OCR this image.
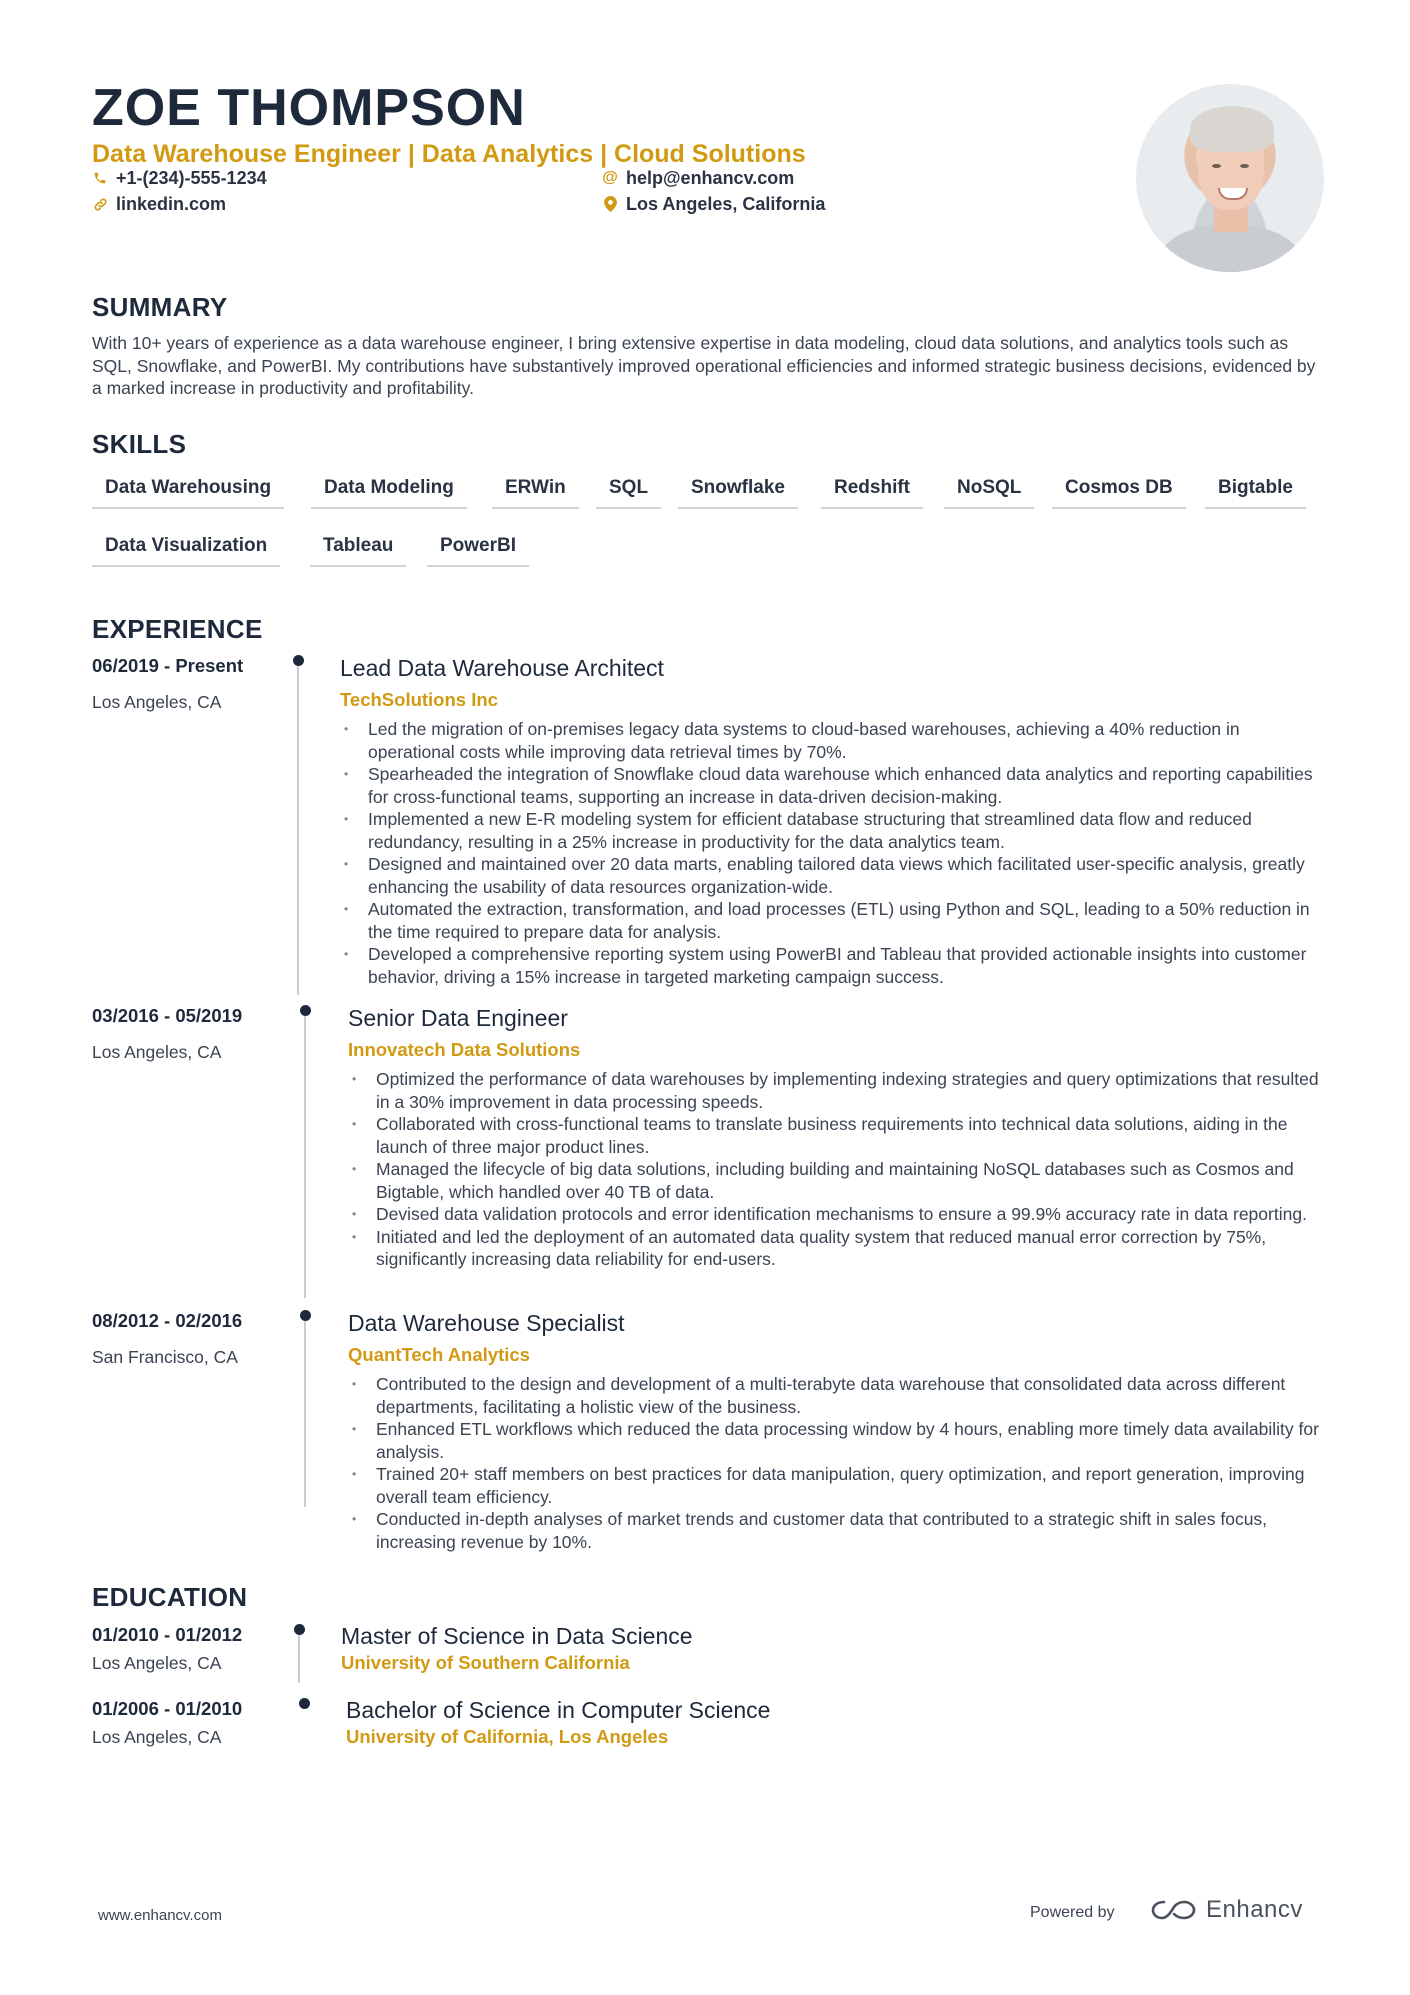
ZOE THOMPSON
Data Warehouse Engineer | Data Analytics | Cloud Solutions
+1-(234)-555-1234
linkedin.com
@ help@enhancv.com
Los Angeles, California
SUMMARY
With 10+ years of experience as a data warehouse engineer, I bring extensive expertise in data modeling, cloud data solutions, and analytics tools such as SQL, Snowflake, and PowerBI. My contributions have substantively improved operational efficiencies and informed strategic business decisions, evidenced by a marked increase in productivity and profitability.
SKILLS
Data Warehousing	Data Modeling	ERWin	SQL	Snowflake	Redshift	NoSQL	Cosmos DB	Bigtable
Data Visualization	Tableau	PowerBI
EXPERIENCE
06/2019 - Present
Los Angeles, CA
Lead Data Warehouse Architect
TechSolutions Inc
• Led the migration of on-premises legacy data systems to cloud-based warehouses, achieving a 40% reduction in operational costs while improving data retrieval times by 70%.
• Spearheaded the integration of Snowflake cloud data warehouse which enhanced data analytics and reporting capabilities for cross-functional teams, supporting an increase in data-driven decision-making.
• Implemented a new E-R modeling system for efficient database structuring that streamlined data flow and reduced redundancy, resulting in a 25% increase in productivity for the data analytics team.
• Designed and maintained over 20 data marts, enabling tailored data views which facilitated user-specific analysis, greatly enhancing the usability of data resources organization-wide.
• Automated the extraction, transformation, and load processes (ETL) using Python and SQL, leading to a 50% reduction in the time required to prepare data for analysis.
• Developed a comprehensive reporting system using PowerBI and Tableau that provided actionable insights into customer behavior, driving a 15% increase in targeted marketing campaign success.
03/2016 - 05/2019
Los Angeles, CA
Senior Data Engineer
Innovatech Data Solutions
• Optimized the performance of data warehouses by implementing indexing strategies and query optimizations that resulted in a 30% improvement in data processing speeds.
• Collaborated with cross-functional teams to translate business requirements into technical data solutions, aiding in the launch of three major product lines.
• Managed the lifecycle of big data solutions, including building and maintaining NoSQL databases such as Cosmos and Bigtable, which handled over 40 TB of data.
• Devised data validation protocols and error identification mechanisms to ensure a 99.9% accuracy rate in data reporting.
• Initiated and led the deployment of an automated data quality system that reduced manual error correction by 75%, significantly increasing data reliability for end-users.
08/2012 - 02/2016
San Francisco, CA
Data Warehouse Specialist
QuantTech Analytics
• Contributed to the design and development of a multi-terabyte data warehouse that consolidated data across different departments, facilitating a holistic view of the business.
• Enhanced ETL workflows which reduced the data processing window by 4 hours, enabling more timely data availability for analysis.
• Trained 20+ staff members on best practices for data manipulation, query optimization, and report generation, improving overall team efficiency.
• Conducted in-depth analyses of market trends and customer data that contributed to a strategic shift in sales focus, increasing revenue by 10%.
EDUCATION
01/2010 - 01/2012
Los Angeles, CA
Master of Science in Data Science
University of Southern California
01/2006 - 01/2010
Los Angeles, CA
Bachelor of Science in Computer Science
University of California, Los Angeles
www.enhancv.com	Powered by	Enhancv
